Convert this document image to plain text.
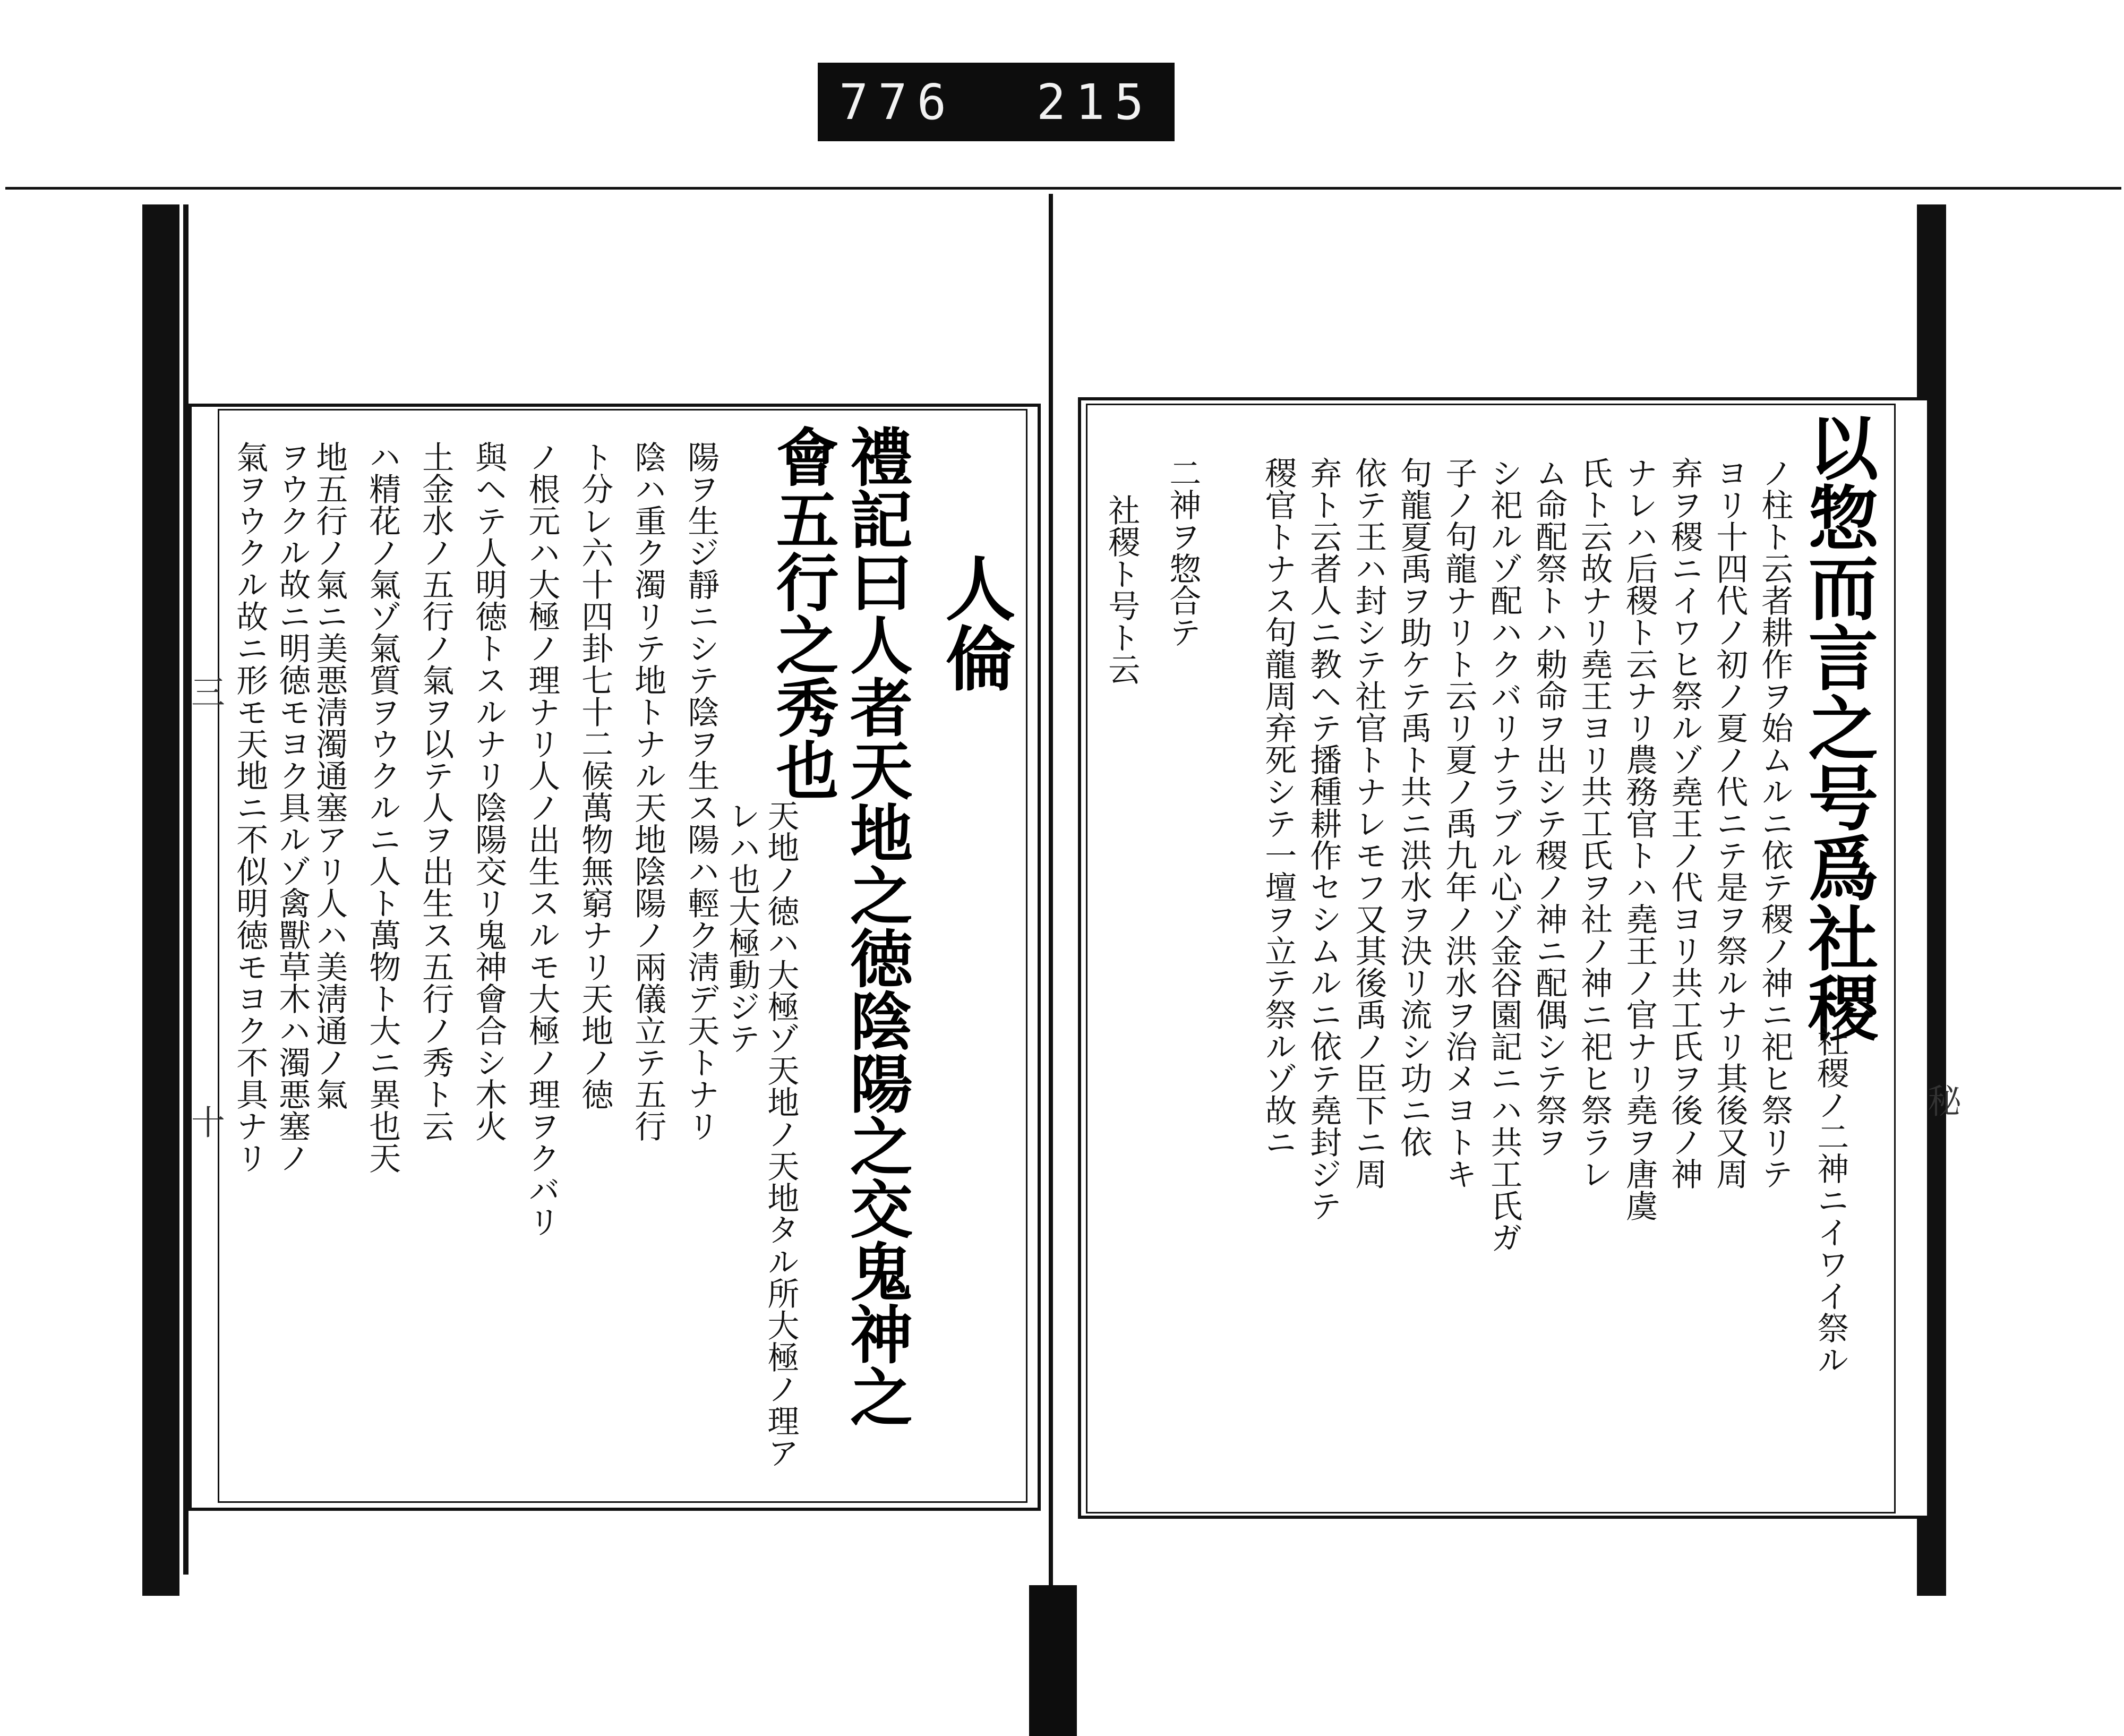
776 215
人倫
禮記曰人者天地之徳陰陽之交鬼神之會五行之秀也
天地ノ徳ハ大極ゾ天地ノ天地タル所大極ノ理アレハ也大極動ジテ
陽ヲ生ジ靜ニシテ陰ヲ生ス陽ハ輕ク淸デ天トナリ
陰ハ重ク濁リテ地トナル天地陰陽ノ兩儀立テ五行
ト分レ六十四卦七十二候萬物無窮ナリ天地ノ徳
ノ根元ハ大極ノ理ナリ人ノ出生スルモ大極ノ理ヲクバリ
與ヘテ人明徳トスルナリ陰陽交リ鬼神會合シ木火
土金水ノ五行ノ氣ヲ以テ人ヲ出生ス五行ノ秀ト云
ハ精花ノ氣ゾ氣質ヲウクルニ人ト萬物ト大ニ異也天
地五行ノ氣ニ美悪淸濁通塞アリ人ハ美淸通ノ氣
ヲウクル故ニ明徳モヨク具ルゾ禽獸草木ハ濁悪塞ノ
氣ヲウクル故ニ形モ天地ニ不似明徳モヨク不具ナリ
三
十
以惣而言之号爲社稷
社稷ノ二神ニイワイ祭ル
ノ柱ト云者耕作ヲ始ムルニ依テ稷ノ神ニ祀ヒ祭リテ
ヨリ十四代ノ初ノ夏ノ代ニテ是ヲ祭ルナリ其後又周
弃ヲ稷ニイワヒ祭ルゾ堯王ノ代ヨリ共工氏ヲ後ノ神
ナレハ后稷ト云ナリ農務官トハ堯王ノ官ナリ堯ヲ唐虞
氏ト云故ナリ堯王ヨリ共工氏ヲ社ノ神ニ祀ヒ祭ラレ
ム命配祭トハ勅命ヲ出シテ稷ノ神ニ配偶シテ祭ヲ
シ祀ルゾ配ハクバリナラブル心ゾ金谷園記ニハ共工氏ガ
子ノ句龍ナリト云リ夏ノ禹九年ノ洪水ヲ治メヨトキ
句龍夏禹ヲ助ケテ禹ト共ニ洪水ヲ決リ流シ功ニ依
依テ王ハ封シテ社官トナレモフ又其後禹ノ臣下ニ周
弃ト云者人ニ教ヘテ播種耕作セシムルニ依テ堯封ジテ
稷官トナス句龍周弃死シテ一壇ヲ立テ祭ルゾ故ニ
二神ヲ惣合テ
社稷ト号ト云
秘
